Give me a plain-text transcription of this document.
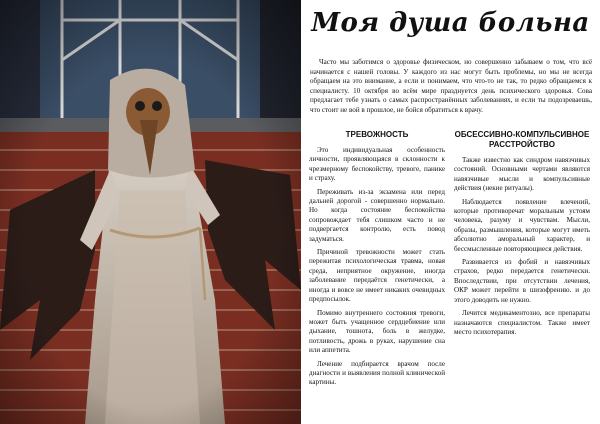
Моя душа больна

Часто мы заботимся о здоровье физическом, но совершенно забываем о том, что всё начинается с нашей головы. У каждого из нас могут быть проблемы, но мы не всегда обращаем на это внимание, а если и понимаем, что что-то не так, то редко обращаемся к специалисту. 10 октября во всём мире празднуется день психического здоровья. Сова предлагает тебе узнать о самых распространённых заболеваниях, и если ты подозреваешь, что стоит не вой в прошлое, не бойся обратиться к врачу.

ТРЕВОЖНОСТЬ

Это индивидуальная особенность личности, проявляющаяся в склонности к чрезмерному беспокойству, тревоге, панике и страху.

Переживать из-за экзамена или перед дальней дорогой - совершенно нормально. Но когда состояние беспокойства сопровождает тебя слишком часто и не подвергается контролю, есть повод задуматься.

Причиной тревожности может стать пережитая психологическая травма, новая среда, неприятное окружение, иногда заболевание передаётся генетически, а иногда и вовсе не имеет никаких очевидных предпосылок.

Помимо внутреннего состояния тревоги, может быть учащенное сердцебиение или дыхание, тошнота, боль в желудке, потливость, дрожь в руках, нарушение сна или аппетита.

Лечение подбирается врачом после диагности и выявления полной клинической картины.

ОБСЕССИВНО-КОМПУЛЬСИВНОЕ РАССТРОЙСТВО

Также известно как синдром навязчивых состояний. Основными чертами являются навязчивые мысли и компульсивные действия (некие ритуалы).

Наблюдается появление влечений, которые противоречат моральным устоям человека, разуму и чувствам. Мысли, образы, размышления, которые могут иметь абсолютно аморальный характер, и бессмысленные повторяющиеся действия.

Развивается из фобий и навязчивых страхов, редко передается генетически. Впоследствии, при отсутствии лечения, ОКР может перейти в шизофрению. и до этого доводить не нужно.

Лечится медикаментозно, все препараты назначаются специалистом. Также имеет место психотерапия.
